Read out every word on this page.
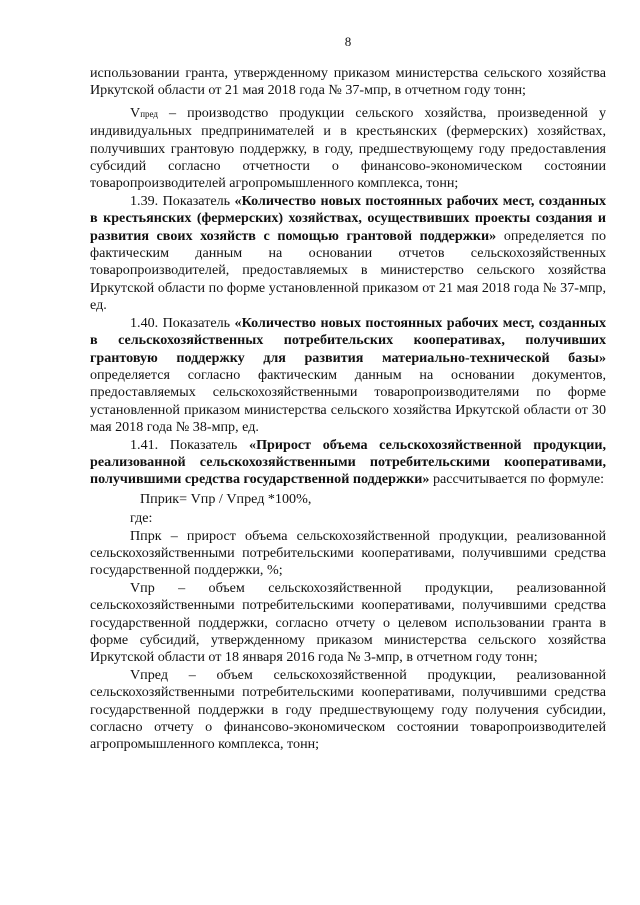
8

использовании гранта, утвержденному приказом министерства сельского хозяйства Иркутской области от 21 мая 2018 года № 37-мпр, в отчетном году тонн;

Vпред – производство продукции сельского хозяйства, произведенной у индивидуальных предпринимателей и в крестьянских (фермерских) хозяйствах, получивших грантовую поддержку, в году, предшествующему году предоставления субсидий согласно отчетности о финансово-экономическом состоянии товаропроизводителей агропромышленного комплекса, тонн;

1.39. Показатель «Количество новых постоянных рабочих мест, созданных в крестьянских (фермерских) хозяйствах, осуществивших проекты создания и развития своих хозяйств с помощью грантовой поддержки» определяется по фактическим данным на основании отчетов сельскохозяйственных товаропроизводителей, предоставляемых в министерство сельского хозяйства Иркутской области по форме установленной приказом от 21 мая 2018 года № 37-мпр, ед.

1.40. Показатель «Количество новых постоянных рабочих мест, созданных в сельскохозяйственных потребительских кооперативах, получивших грантовую поддержку для развития материально-технической базы» определяется согласно фактическим данным на основании документов, предоставляемых сельскохозяйственными товаропроизводителями по форме установленной приказом министерства сельского хозяйства Иркутской области от 30 мая 2018 года № 38-мпр, ед.

1.41. Показатель «Прирост объема сельскохозяйственной продукции, реализованной сельскохозяйственными потребительскими кооперативами, получившими средства государственной поддержки» рассчитывается по формуле:

Пприк= Vпр / Vпред *100%,

где:

Ппрк – прирост объема сельскохозяйственной продукции, реализованной сельскохозяйственными потребительскими кооперативами, получившими средства государственной поддержки, %;

Vпр – объем сельскохозяйственной продукции, реализованной сельскохозяйственными потребительскими кооперативами, получившими средства государственной поддержки, согласно отчету о целевом использовании гранта в форме субсидий, утвержденному приказом министерства сельского хозяйства Иркутской области от 18 января 2016 года № 3-мпр, в отчетном году тонн;

Vпред – объем сельскохозяйственной продукции, реализованной сельскохозяйственными потребительскими кооперативами, получившими средства государственной поддержки в году предшествующему году получения субсидии, согласно отчету о финансово-экономическом состоянии товаропроизводителей агропромышленного комплекса, тонн;
